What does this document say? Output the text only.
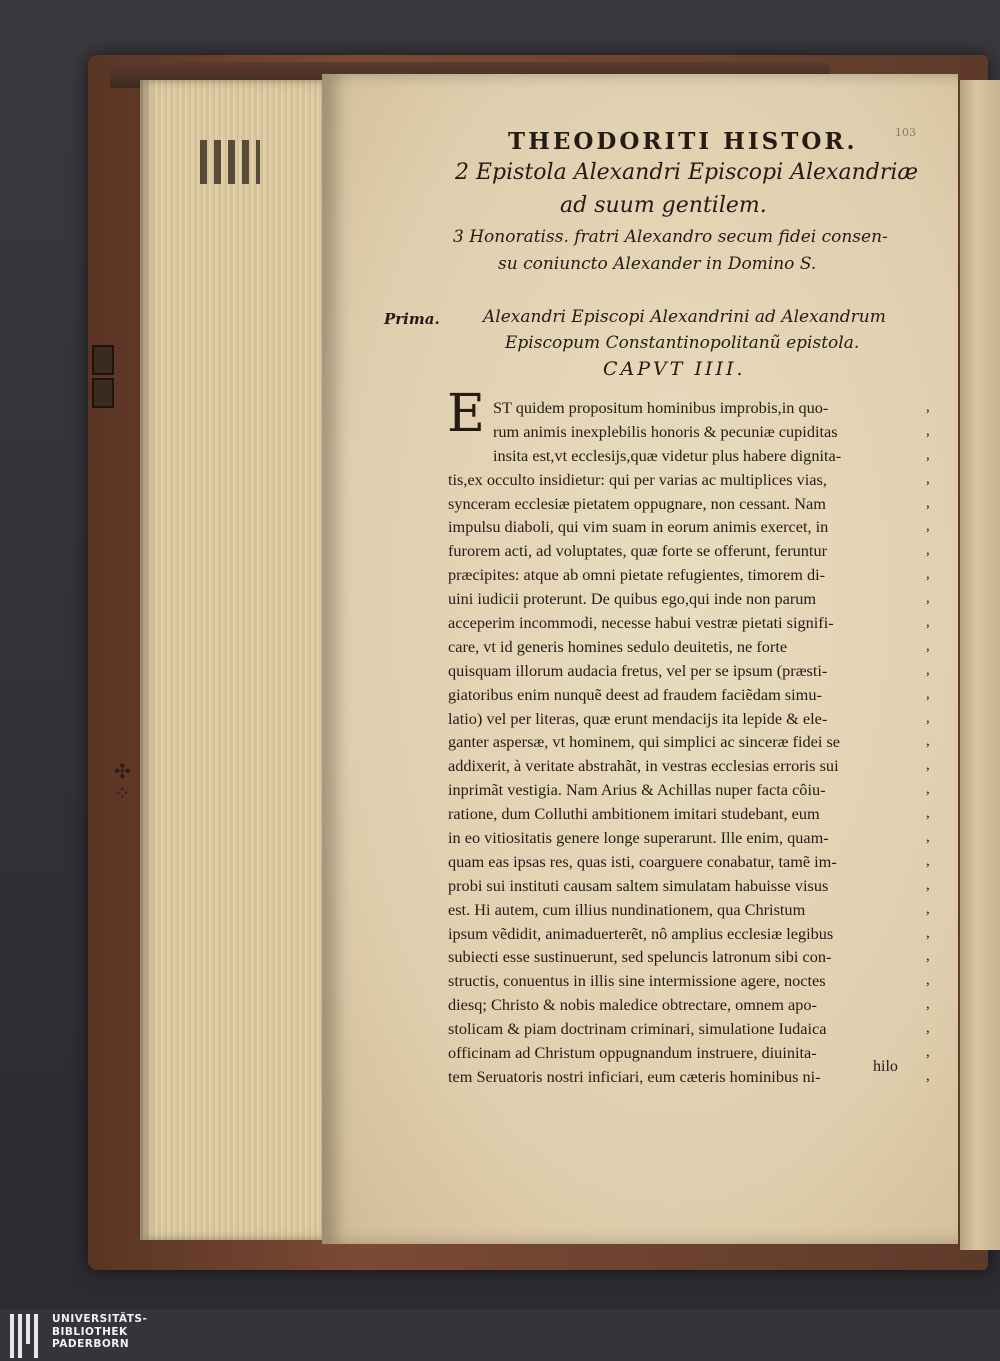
✣
⁘
103
THEODORITI HISTOR.
2 Epistola Alexandri Episcopi Alexandriæ
ad suum gentilem.
3 Honoratiss. fratri Alexandro secum fidei consen-
su coniuncto Alexander in Domino S.
Prima.	Alexandri Episcopi Alexandrini ad Alexandrum
Episcopum Constantinopolitanũ epistola.
CAPVT IIII.
E ST quidem propositum hominibus improbis,in quo-
rum animis inexplebilis honoris & pecuniæ cupiditas
insita est,vt ecclesijs,quæ videtur plus habere dignita-
tis,ex occulto insidietur: qui per varias ac multiplices vias,
synceram ecclesiæ pietatem oppugnare, non cessant. Nam
impulsu diaboli, qui vim suam in eorum animis exercet, in
furorem acti, ad voluptates, quæ forte se offerunt, feruntur
præcipites: atque ab omni pietate refugientes, timorem di-
uini iudicii proterunt. De quibus ego,qui inde non parum
acceperim incommodi, necesse habui vestræ pietati signifi-
care, vt id generis homines sedulo deuitetis, ne forte
quisquam illorum audacia fretus, vel per se ipsum (præsti-
giatoribus enim nunquẽ deest ad fraudem faciẽdam simu-
latio) vel per literas, quæ erunt mendacijs ita lepide & ele-
ganter aspersæ, vt hominem, qui simplici ac sinceræ fidei se
addixerit, à veritate abstrahãt, in vestras ecclesias erroris sui
inprimãt vestigia. Nam Arius & Achillas nuper facta côiu-
ratione, dum Colluthi ambitionem imitari studebant, eum
in eo vitiositatis genere longe superarunt. Ille enim, quam-
quam eas ipsas res, quas isti, coarguere conabatur, tamẽ im-
probi sui instituti causam saltem simulatam habuisse visus
est. Hi autem, cum illius nundinationem, qua Christum
ipsum vẽdidit, animaduerterẽt, nô amplius ecclesiæ legibus
subiecti esse sustinuerunt, sed speluncis latronum sibi con-
structis, conuentus in illis sine intermissione agere, noctes
diesq; Christo & nobis maledice obtrectare, omnem apo-
stolicam & piam doctrinam criminari, simulatione Iudaica
officinam ad Christum oppugnandum instruere, diuinita-
tem Seruatoris nostri inficiari, eum cæteris hominibus ni-
,
,
,
,
,
,
,
,
,
,
,
,
,
,
,
,
,
,
,
,
,
,
,
,
,
,
,
,
,
hilo
UNIVERSITÄTS-
BIBLIOTHEK
PADERBORN
